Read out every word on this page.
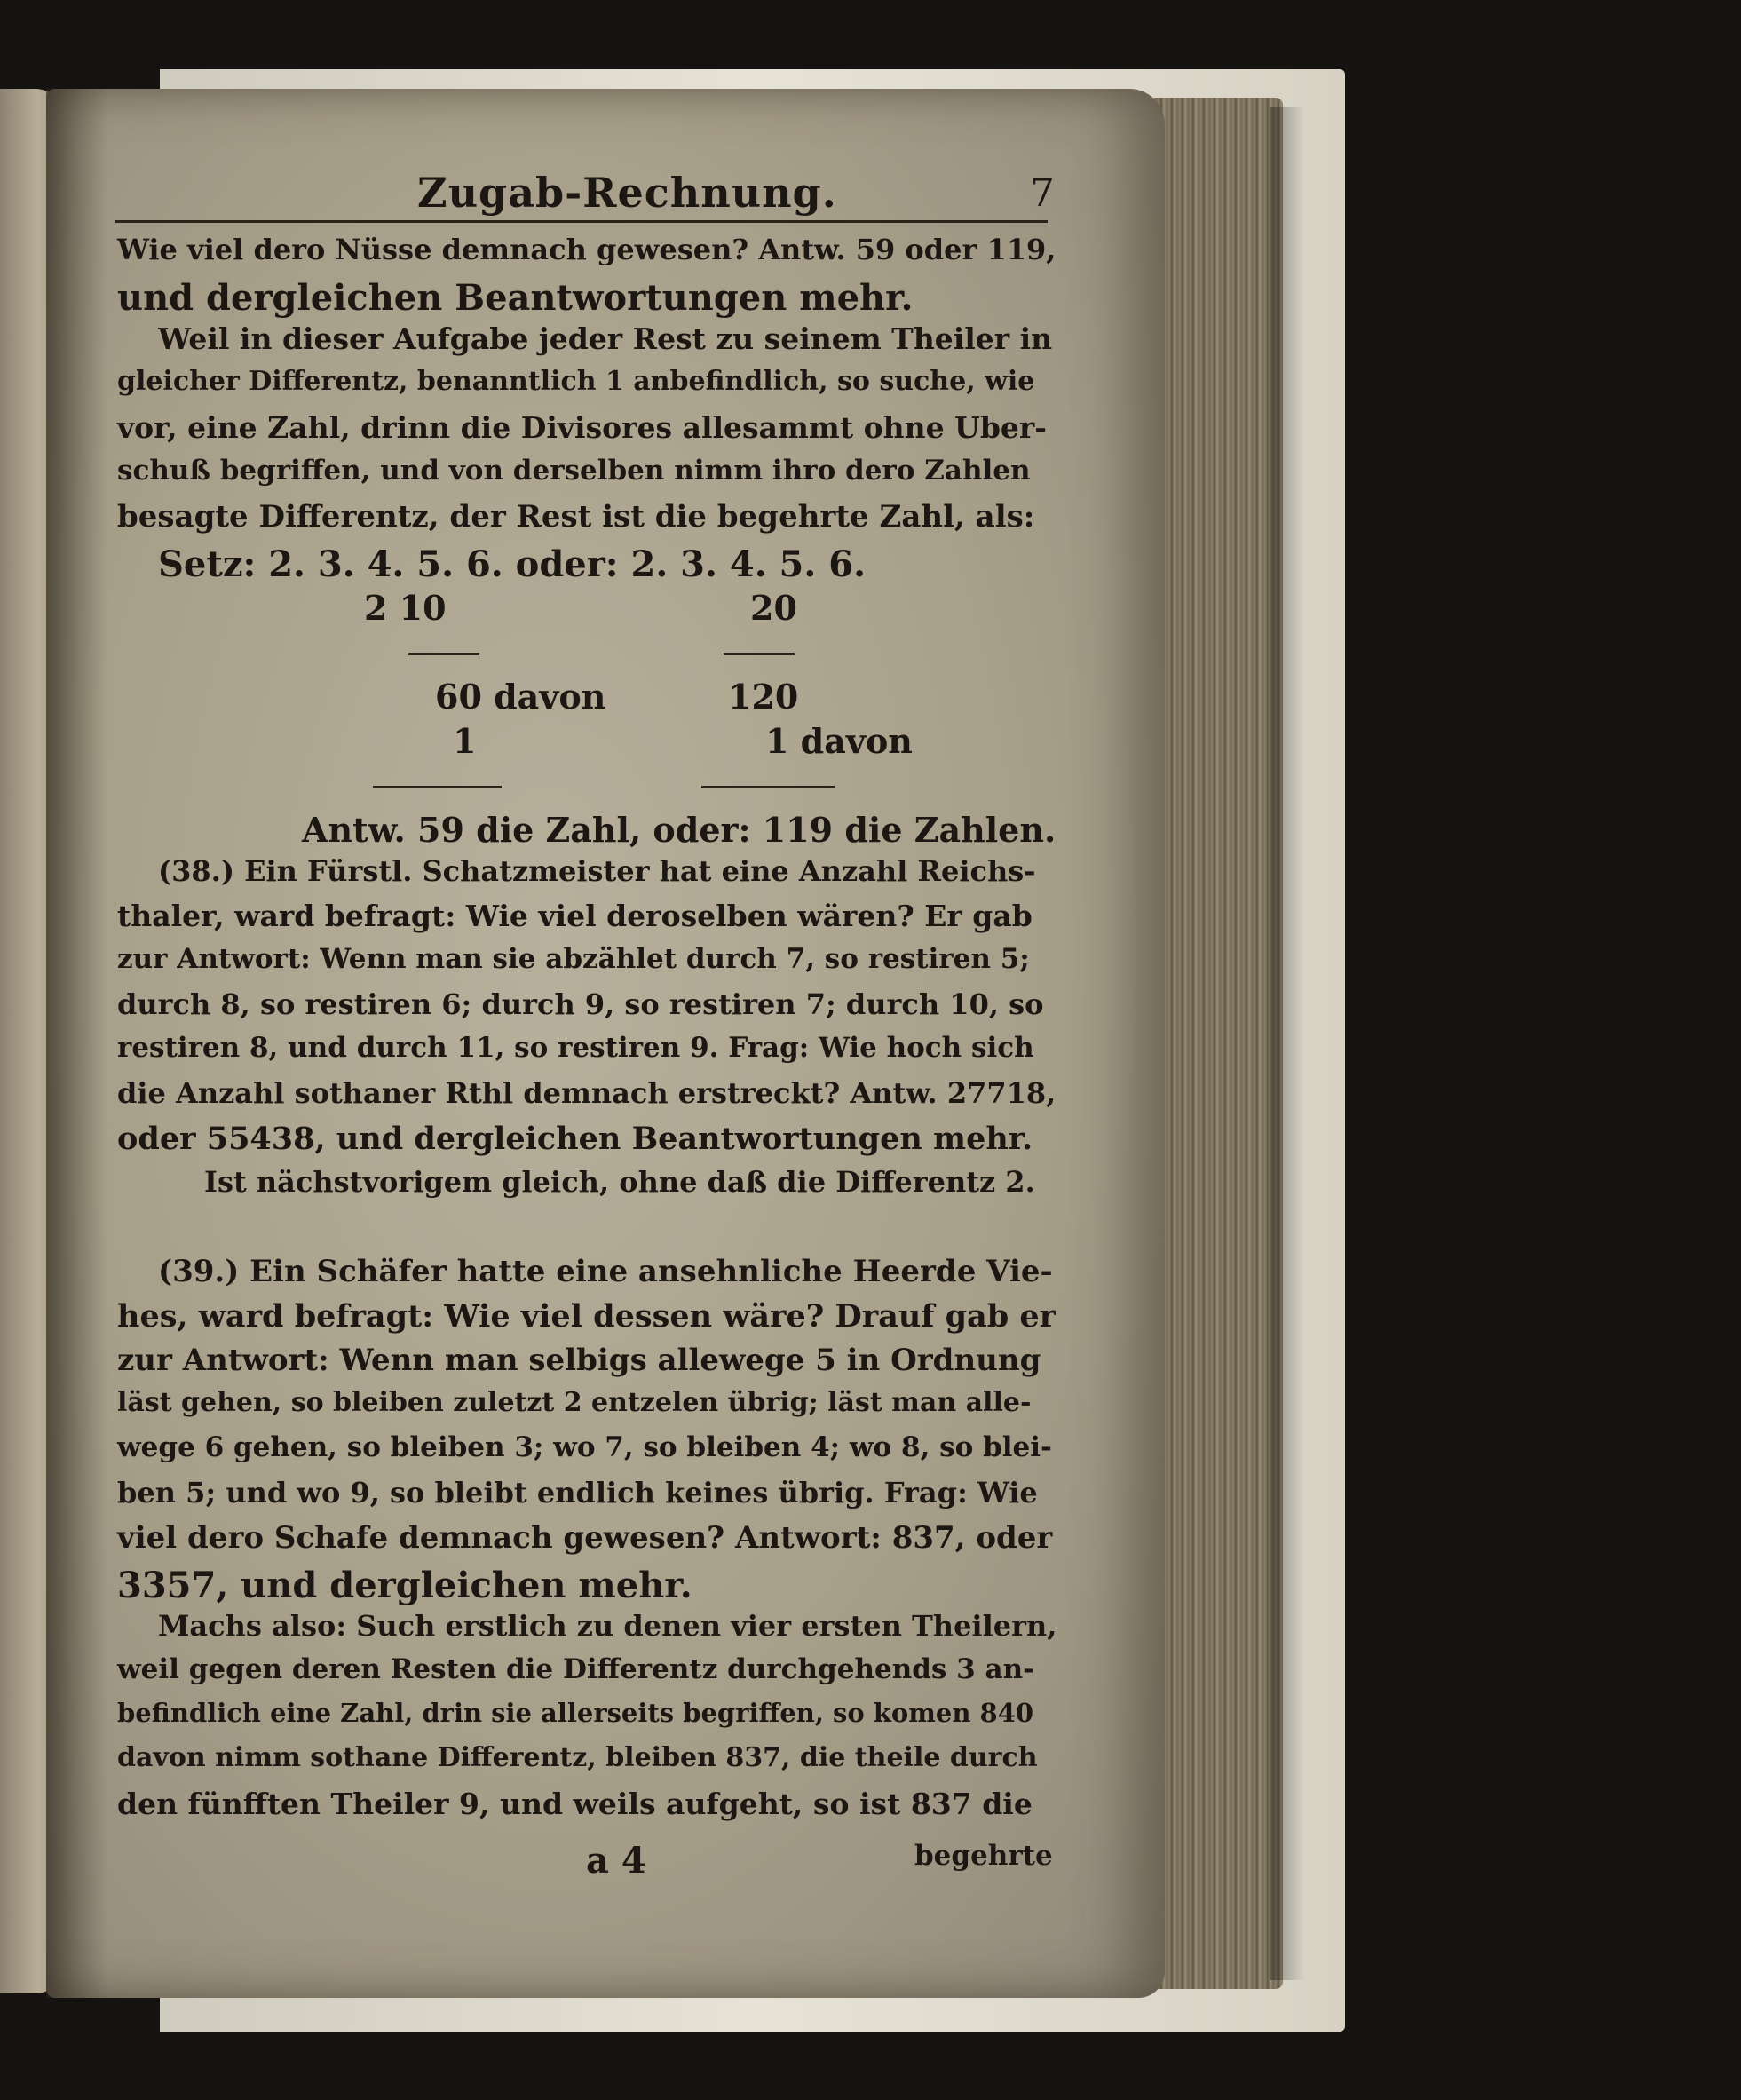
Zugab-Rechnung.	7
Wie viel dero Nüsse demnach gewesen? Antw. 59 oder 119,
und dergleichen Beantwortungen mehr.
Weil in dieser Aufgabe jeder Rest zu seinem Theiler in
gleicher Differentz, benanntlich 1 anbefindlich, so suche, wie
vor, eine Zahl, drinn die Divisores allesammt ohne Uber-
schuß begriffen, und von derselben nimm ihro dero Zahlen
besagte Differentz, der Rest ist die begehrte Zahl, als:
Setz: 2. 3. 4. 5. 6. oder: 2. 3. 4. 5. 6.
2 10	20
60 davon	120
1	1 davon
Antw. 59 die Zahl, oder: 119 die Zahlen.
(38.) Ein Fürstl. Schatzmeister hat eine Anzahl Reichs-
thaler, ward befragt: Wie viel deroselben wären? Er gab
zur Antwort: Wenn man sie abzählet durch 7, so restiren 5;
durch 8, so restiren 6; durch 9, so restiren 7; durch 10, so
restiren 8, und durch 11, so restiren 9. Frag: Wie hoch sich
die Anzahl sothaner Rthl demnach erstreckt? Antw. 27718,
oder 55438, und dergleichen Beantwortungen mehr.
Ist nächstvorigem gleich, ohne daß die Differentz 2.
(39.) Ein Schäfer hatte eine ansehnliche Heerde Vie-
hes, ward befragt: Wie viel dessen wäre? Drauf gab er
zur Antwort: Wenn man selbigs allewege 5 in Ordnung
läst gehen, so bleiben zuletzt 2 entzelen übrig; läst man alle-
wege 6 gehen, so bleiben 3; wo 7, so bleiben 4; wo 8, so blei-
ben 5; und wo 9, so bleibt endlich keines übrig. Frag: Wie
viel dero Schafe demnach gewesen? Antwort: 837, oder
3357, und dergleichen mehr.
Machs also: Such erstlich zu denen vier ersten Theilern,
weil gegen deren Resten die Differentz durchgehends 3 an-
befindlich eine Zahl, drin sie allerseits begriffen, so komen 840
davon nimm sothane Differentz, bleiben 837, die theile durch
den fünfften Theiler 9, und weils aufgeht, so ist 837 die
a 4	begehrte
